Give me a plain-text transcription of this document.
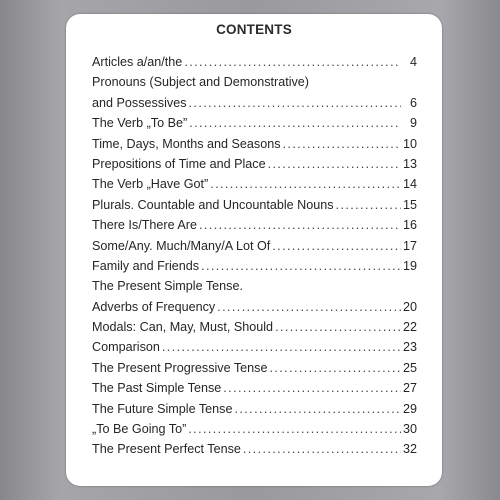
CONTENTS
Articles a/an/the .....	4
Pronouns (Subject and Demonstrative)
and Possessives .....	6
The Verb „To Be” .....	9
Time, Days, Months and Seasons .....	10
Prepositions of Time and Place .....	13
The Verb „Have Got” .....	14
Plurals. Countable and Uncountable Nouns .....	15
There Is/There Are .....	16
Some/Any. Much/Many/A Lot Of .....	17
Family and Friends .....	19
The Present Simple Tense.
Adverbs of Frequency .....	20
Modals: Can, May, Must, Should .....	22
Comparison .....	23
The Present Progressive Tense .....	25
The Past Simple Tense .....	27
The Future Simple Tense .....	29
„To Be Going To” .....	30
The Present Perfect Tense .....	32
